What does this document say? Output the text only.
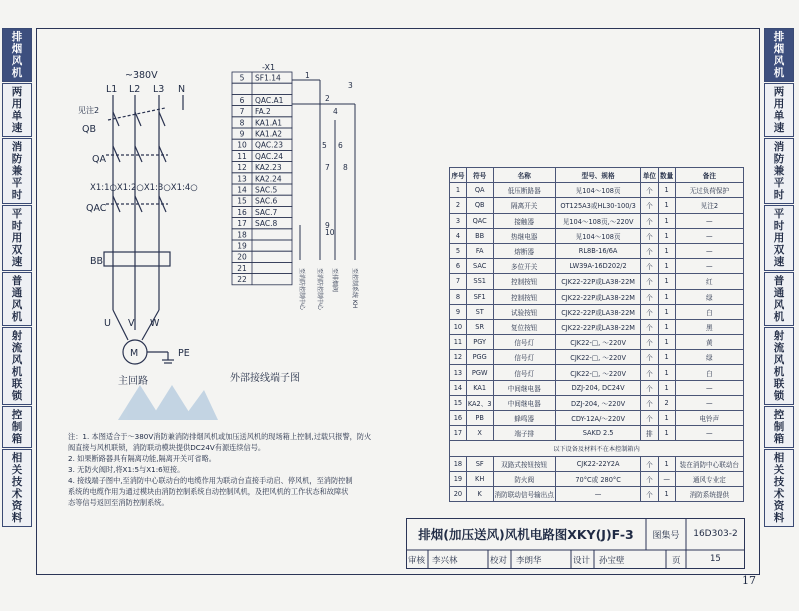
排烟风机
两用单速
消防兼平时
平时用双速
普通风机
射流风机联锁
控制箱
相关技术资料
排烟风机
两用单速
消防兼平时
平时用双速
普通风机
射流风机联锁
控制箱
相关技术资料
~380V
L1 L2 L3 N
见注2
QB
QA
X1:1○X1:2○X1:3○X1:4○
QAC
BB
U V W
M	PE
主回路	外部接线端子图
-X1
5 SF1.14
6 QAC.A1
7 FA.2
8 KA1.A1
9 KA1.A2
10 QAC.23
11 QAC.24
12 KA2.23
13 KA2.24
14 SAC.5
15 SAC.6
16 SAC.7
17 SAC.8
18
19
20
21
22
1
2
3
4
5 6
7 8
9
10
至消防控制中心 至消防控制中心 至排烟阀 至控制系统 KH
序号	符号	名称	型号、规格	单位	数量	备注
1	QA	低压断路器	见104～108页	个	1	无过负荷保护
2	QB	隔离开关	OT125A3或HL30-100/3	个	1	见注2
3	QAC	接触器	见104～108页,～220V	个	1	—
4	BB	热继电器	见104～108页	个	1	—
5	FA	熔断器	RL8B-16/6A	个	1	—
6	SAC	多位开关	LW39A-16D202/2	个	1	—
7	SS1	控制按钮	CJK22-22P或LA38-22M	个	1	红
8	SF1	控制按钮	CJK22-22P或LA38-22M	个	1	绿
9	ST	试验按钮	CJK22-22P或LA38-22M	个	1	白
10	SR	复位按钮	CJK22-22P或LA38-22M	个	1	黑
11	PGY	信号灯	CJK22-□, ～220V	个	1	黄
12	PGG	信号灯	CJK22-□, ～220V	个	1	绿
13	PGW	信号灯	CJK22-□, ～220V	个	1	白
14	KA1	中间继电器	DZJ-204, DC24V	个	1	—
15	KA2、3	中间继电器	DZJ-204, ～220V	个	2	—
16	PB	蜂鸣器	CDY-12A/～220V	个	1	电铃声
17	X	端子排	SAKD 2.5	排	1	—
以下设备及材料不在本控制箱内						
18	SF	双路式按钮按钮	CJK22-22Y2A	个	1	装在消防中心联动台
19	KH	防火阀	70°C或 280°C	个	—	通风专业定
20	K	消防联动信号输出点	—	个	1	消防系统提供
注：1. 本图适合于～380V消防兼消防排烟风机或加压送风机的现场箱上控制,过载只报警，防火
阀直接与风机联锁，消防联动模块提供DC24V有源连续信号。
2. 如果断路器具有隔离功能,隔离开关可省略。
3. 无防火阀时,将X1:5与X1:6短接。
4. 接线端子图中,至消防中心联动台的电缆作用为联动台直接手动启、停风机，至消防控制
系统的电缆作用为通过模块由消防控制系统自动控制风机，及把风机的工作状态和故障状
态等信号返回至消防控制系统。
排烟(加压送风)风机电路图XKY(J)F-3	图集号	16D303-2
审核 李兴林	校对 李朗华	设计 孙宝壁	页	15
17
